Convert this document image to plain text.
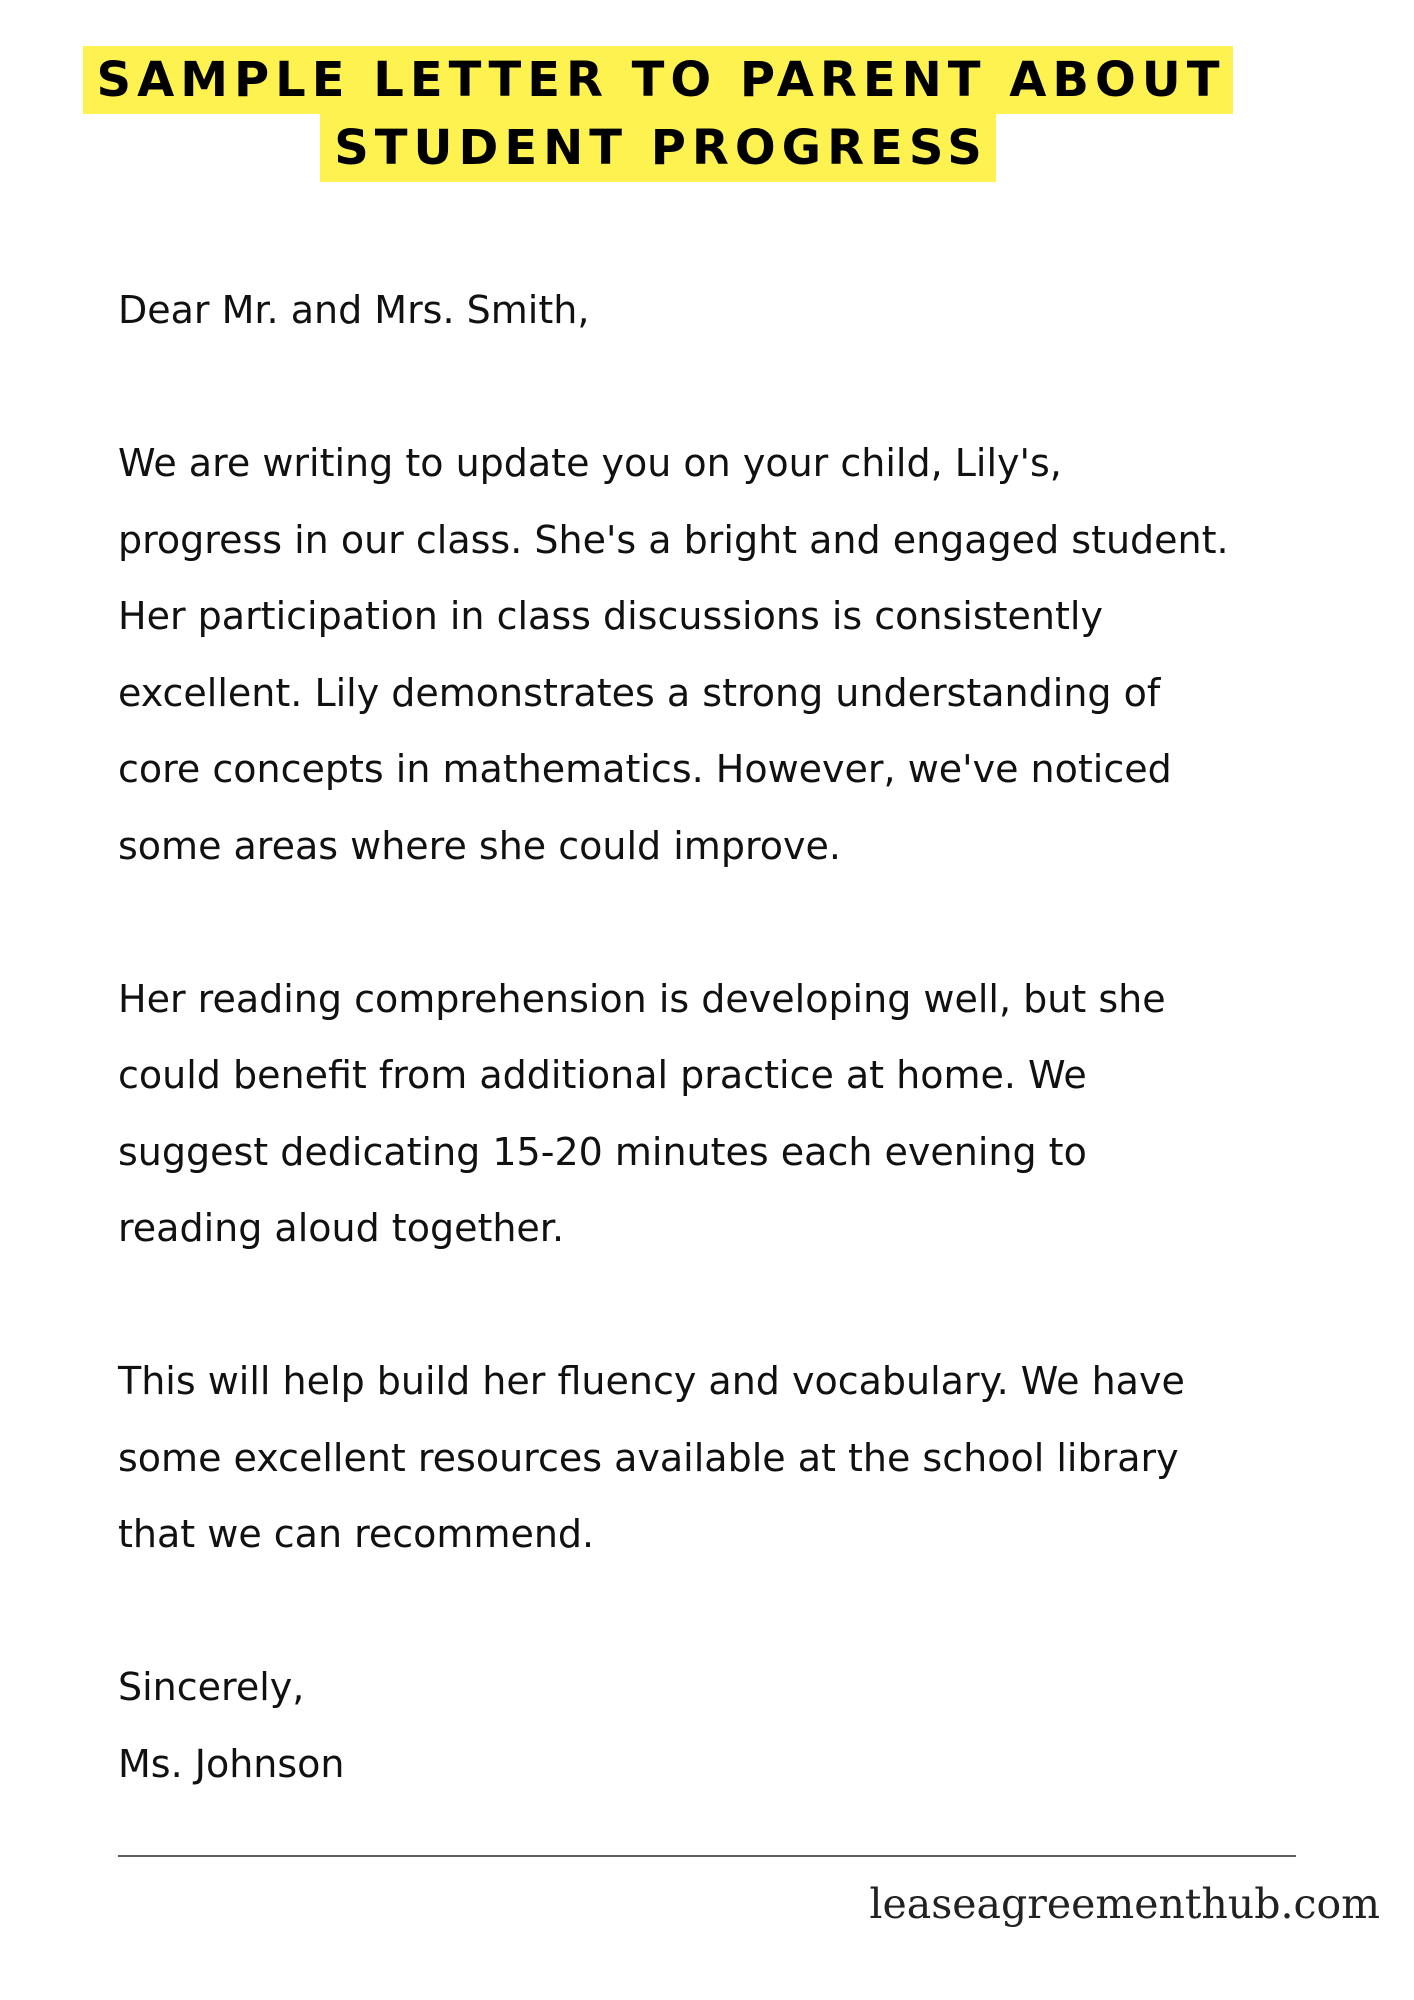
SAMPLE LETTER TO PARENT ABOUT
STUDENT PROGRESS

Dear Mr. and Mrs. Smith,

We are writing to update you on your child, Lily's,

progress in our class. She's a bright and engaged student.

Her participation in class discussions is consistently

excellent. Lily demonstrates a strong understanding of

core concepts in mathematics. However, we've noticed

some areas where she could improve.

Her reading comprehension is developing well, but she

could benefit from additional practice at home. We

suggest dedicating 15-20 minutes each evening to

reading aloud together.

This will help build her fluency and vocabulary. We have

some excellent resources available at the school library

that we can recommend.

Sincerely,

Ms. Johnson

leaseagreementhub.com
